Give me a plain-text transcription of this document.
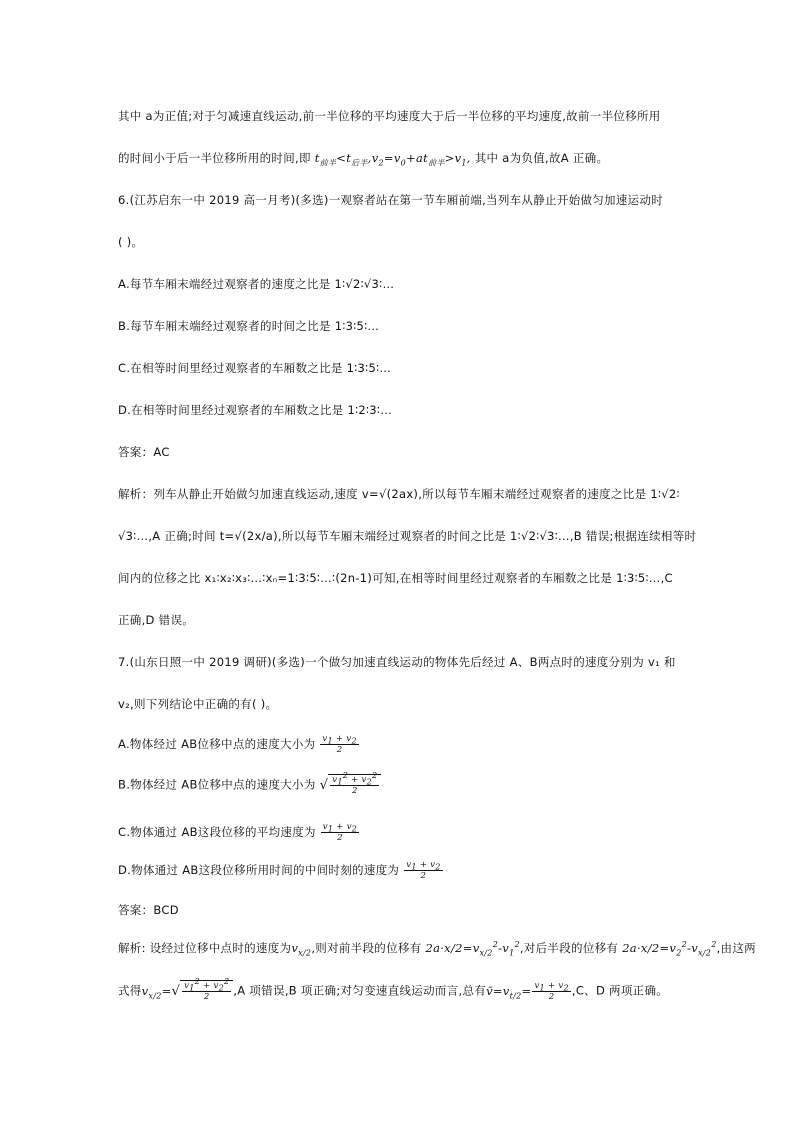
其中 a为正值;对于匀减速直线运动,前一半位移的平均速度大于后一半位移的平均速度,故前一半位移所用
的时间小于后一半位移所用的时间,即 $t_{前半}<t_{后半},v_2=v_0+at_{前半}>v_1$, 其中 a为负值,故A 正确。
6.(江苏启东一中 2019 高一月考)(多选)一观察者站在第一节车厢前端,当列车从静止开始做匀加速运动时
( )。
A.每节车厢末端经过观察者的速度之比是 1∶√2∶√3∶…
B.每节车厢末端经过观察者的时间之比是 1∶3∶5∶…
C.在相等时间里经过观察者的车厢数之比是 1∶3∶5∶…
D.在相等时间里经过观察者的车厢数之比是 1∶2∶3∶…
答案：AC
解析：列车从静止开始做匀加速直线运动,速度 v=√(2ax),所以每节车厢末端经过观察者的速度之比是 1∶√2∶
√3∶…,A 正确;时间 t=√(2x/a),所以每节车厢末端经过观察者的时间之比是 1∶√2∶√3∶…,B 错误;根据连续相等时
间内的位移之比 x₁∶x₂∶x₃∶…∶xₙ=1∶3∶5∶…∶(2n-1)可知,在相等时间里经过观察者的车厢数之比是 1∶3∶5∶…,C
正确,D 错误。
7.(山东日照一中 2019 调研)(多选)一个做匀加速直线运动的物体先后经过 A、B两点时的速度分别为 v₁ 和
v₂,则下列结论中正确的有( )。
A.物体经过 AB位移中点的速度大小为 $\frac{v_1 + v_2}{2}$
B.物体经过 AB位移中点的速度大小为 √ $\frac{v_1^2 + v_2^2}{2}$
C.物体通过 AB这段位移的平均速度为 $\frac{v_1 + v_2}{2}$
D.物体通过 AB这段位移所用时间的中间时刻的速度为 $\frac{v_1 + v_2}{2}$
答案：BCD
解析: 设经过位移中点时的速度为$v_{x/2}$,则对前半段的位移有 $2a\cdot x/2=v_{x/2}^2-v_1^2$,对后半段的位移有 $2a\cdot x/2=v_2^2-v_{x/2}^2$,由这两
式得$v_{x/2}=√ \frac{v_1^2 + v_2^2}{2} ,A$ 项错误,B 项正确;对匀变速直线运动而言,总有$v̄=v_{t/2}= \frac{v_1 + v_2}{2} ,C$、D 两项正确。
